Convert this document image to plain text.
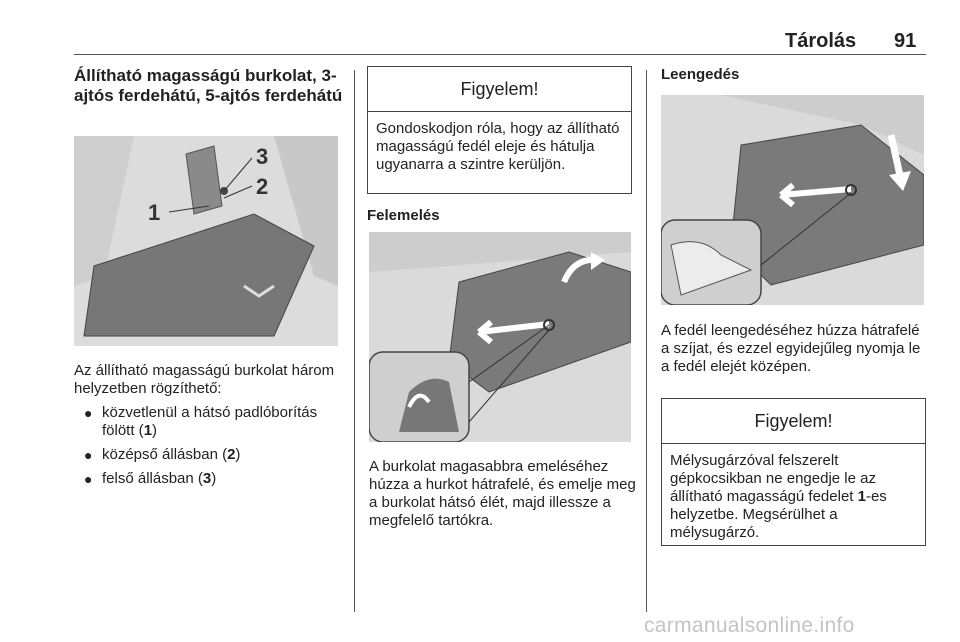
Tárolás 91
Állítható magasságú burkolat, 3-ajtós ferdehátú, 5-ajtós ferdehátú
3
2
1
Az állítható magasságú burkolat három helyzetben rögzíthető:
● közvetlenül a hátsó padlóborítás fölött (1)
● középső állásban (2)
● felső állásban (3)
Figyelem!
Gondoskodjon róla, hogy az állítható magasságú fedél eleje és hátulja ugyanarra a szintre kerüljön.
Felemelés
A burkolat magasabbra emeléséhez húzza a hurkot hátrafelé, és emelje meg a burkolat hátsó élét, majd illessze a megfelelő tartókra.
Leengedés
A fedél leengedéséhez húzza hátrafelé a szíjat, és ezzel egyidejűleg nyomja le a fedél elejét középen.
Figyelem!
Mélysugárzóval felszerelt gépkocsikban ne engedje le az állítható magasságú fedelet 1-es helyzetbe. Megsérülhet a mélysugárzó.
carmanualsonline.info
